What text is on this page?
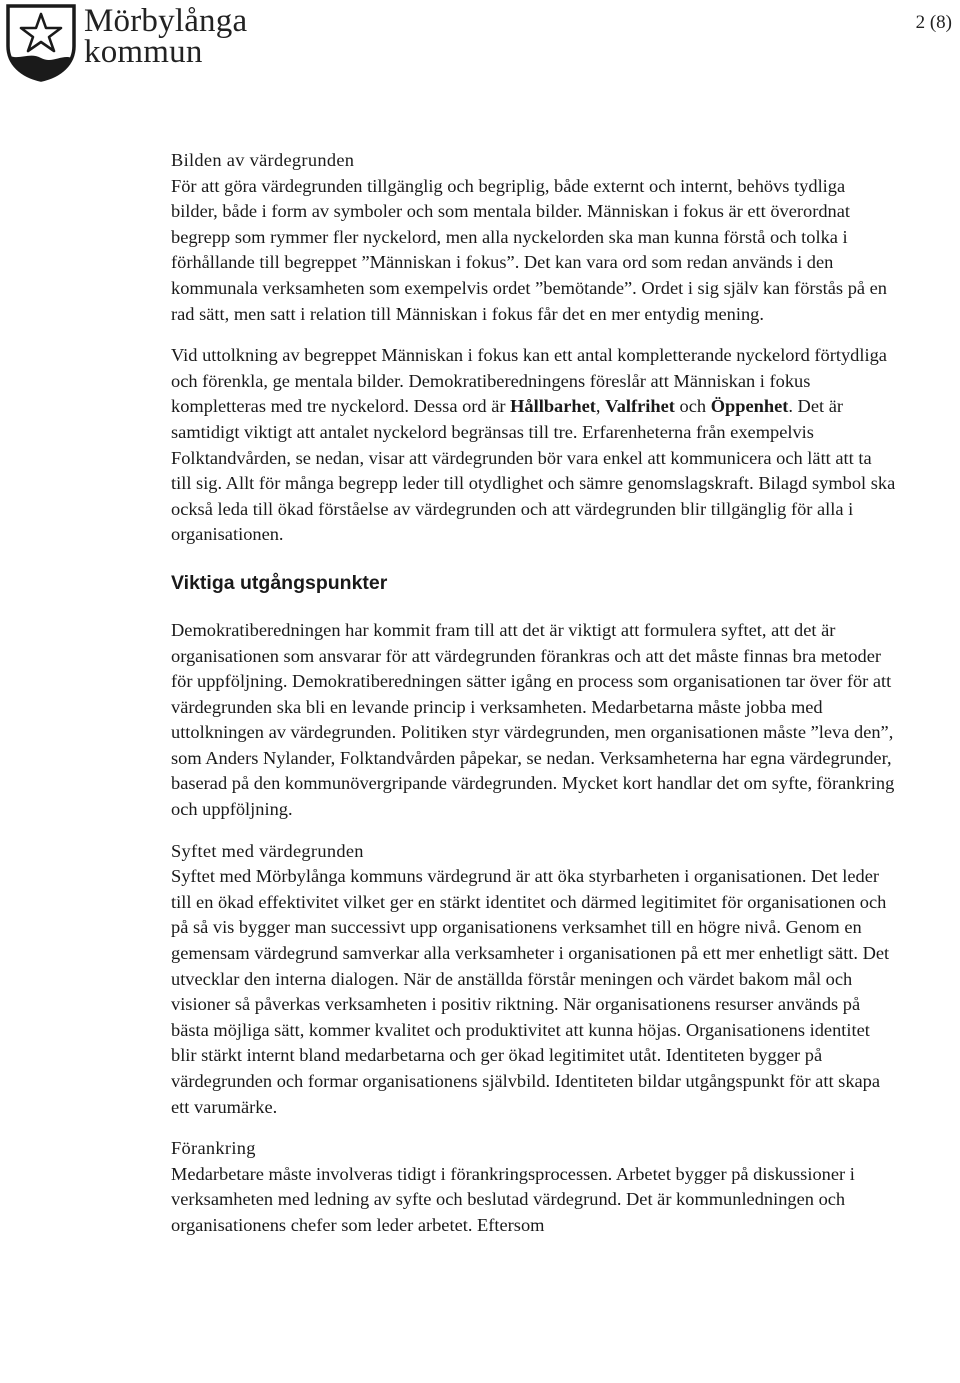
Mörbylånga
kommun
2 (8)

Bilden av värdegrunden

För att göra värdegrunden tillgänglig och begriplig, både externt och internt, behövs tydliga bilder, både i form av symboler och som mentala bilder. Människan i fokus är ett överordnat begrepp som rymmer fler nyckelord, men alla nyckelorden ska man kunna förstå och tolka i förhållande till begreppet ”Människan i fokus”. Det kan vara ord som redan används i den kommunala verksamheten som exempelvis ordet ”bemötande”. Ordet i sig själv kan förstås på en rad sätt, men satt i relation till Människan i fokus får det en mer entydig mening.

Vid uttolkning av begreppet Människan i fokus kan ett antal kompletterande nyckelord förtydliga och förenkla, ge mentala bilder. Demokratiberedningens föreslår att Människan i fokus kompletteras med tre nyckelord. Dessa ord är Hållbarhet, Valfrihet och Öppenhet. Det är samtidigt viktigt att antalet nyckelord begränsas till tre. Erfarenheterna från exempelvis Folktandvården, se nedan, visar att värdegrunden bör vara enkel att kommunicera och lätt att ta till sig. Allt för många begrepp leder till otydlighet och sämre genomslagskraft. Bilagd symbol ska också leda till ökad förståelse av värdegrunden och att värdegrunden blir tillgänglig för alla i organisationen.

Viktiga utgångspunkter

Demokratiberedningen har kommit fram till att det är viktigt att formulera syftet, att det är organisationen som ansvarar för att värdegrunden förankras och att det måste finnas bra metoder för uppföljning. Demokratiberedningen sätter igång en process som organisationen tar över för att värdegrunden ska bli en levande princip i verksamheten. Medarbetarna måste jobba med uttolkningen av värdegrunden. Politiken styr värdegrunden, men organisationen måste ”leva den”, som Anders Nylander, Folktandvården påpekar, se nedan. Verksamheterna har egna värdegrunder, baserad på den kommunövergripande värdegrunden. Mycket kort handlar det om syfte, förankring och uppföljning.

Syftet med värdegrunden

Syftet med Mörbylånga kommuns värdegrund är att öka styrbarheten i organisationen. Det leder till en ökad effektivitet vilket ger en stärkt identitet och därmed legitimitet för organisationen och på så vis bygger man successivt upp organisationens verksamhet till en högre nivå. Genom en gemensam värdegrund samverkar alla verksamheter i organisationen på ett mer enhetligt sätt. Det utvecklar den interna dialogen. När de anställda förstår meningen och värdet bakom mål och visioner så påverkas verksamheten i positiv riktning. När organisationens resurser används på bästa möjliga sätt, kommer kvalitet och produktivitet att kunna höjas. Organisationens identitet blir stärkt internt bland medarbetarna och ger ökad legitimitet utåt. Identiteten bygger på värdegrunden och formar organisationens självbild. Identiteten bildar utgångspunkt för att skapa ett varumärke.

Förankring

Medarbetare måste involveras tidigt i förankringsprocessen. Arbetet bygger på diskussioner i verksamheten med ledning av syfte och beslutad värdegrund. Det är kommunledningen och organisationens chefer som leder arbetet. Eftersom
